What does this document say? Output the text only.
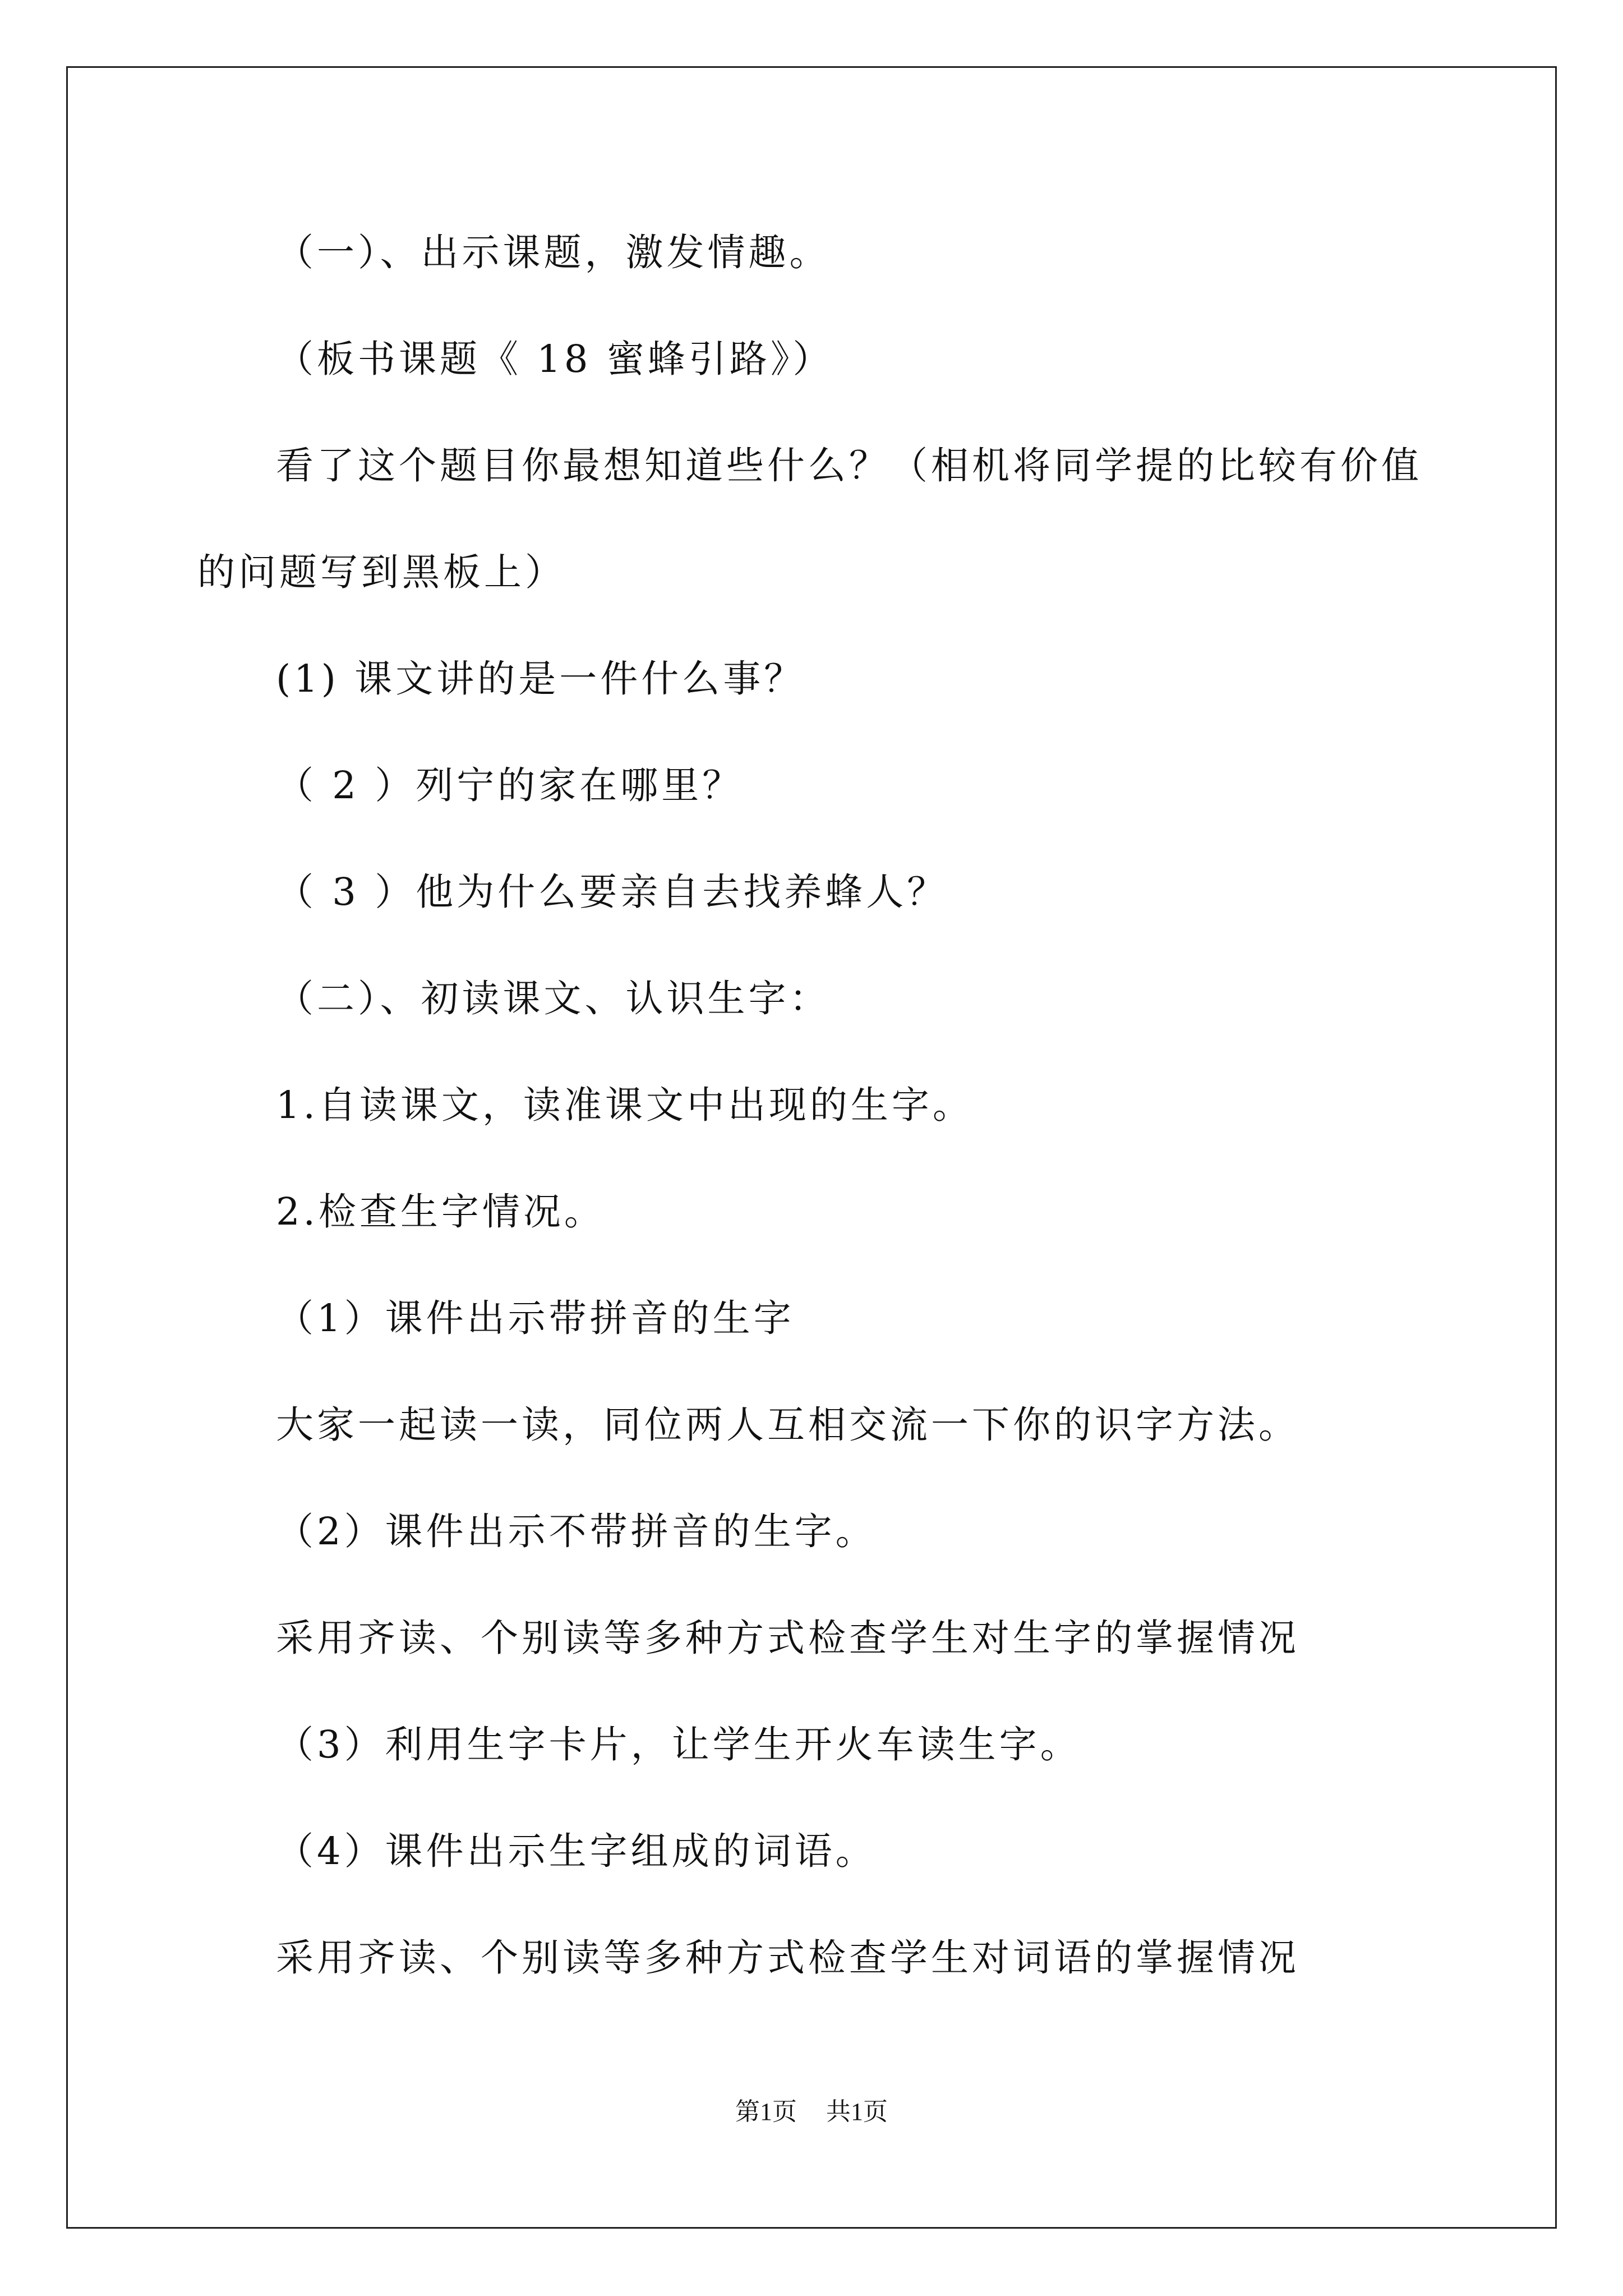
（一）、出示课题，激发情趣。
（板书课题《 18 蜜蜂引路》）
看了这个题目你最想知道些什么？（相机将同学提的比较有价值
的问题写到黑板上）
(1) 课文讲的是一件什么事？
（ 2 ）列宁的家在哪里？
（ 3 ）他为什么要亲自去找养蜂人？
（二）、初读课文、认识生字：
1.自读课文，读准课文中出现的生字。
2.检查生字情况。
（1）课件出示带拼音的生字
大家一起读一读，同位两人互相交流一下你的识字方法。
（2）课件出示不带拼音的生字。
采用齐读、个别读等多种方式检查学生对生字的掌握情况
（3）利用生字卡片，让学生开火车读生字。
（4）课件出示生字组成的词语。
采用齐读、个别读等多种方式检查学生对词语的掌握情况
第1页 共1页
